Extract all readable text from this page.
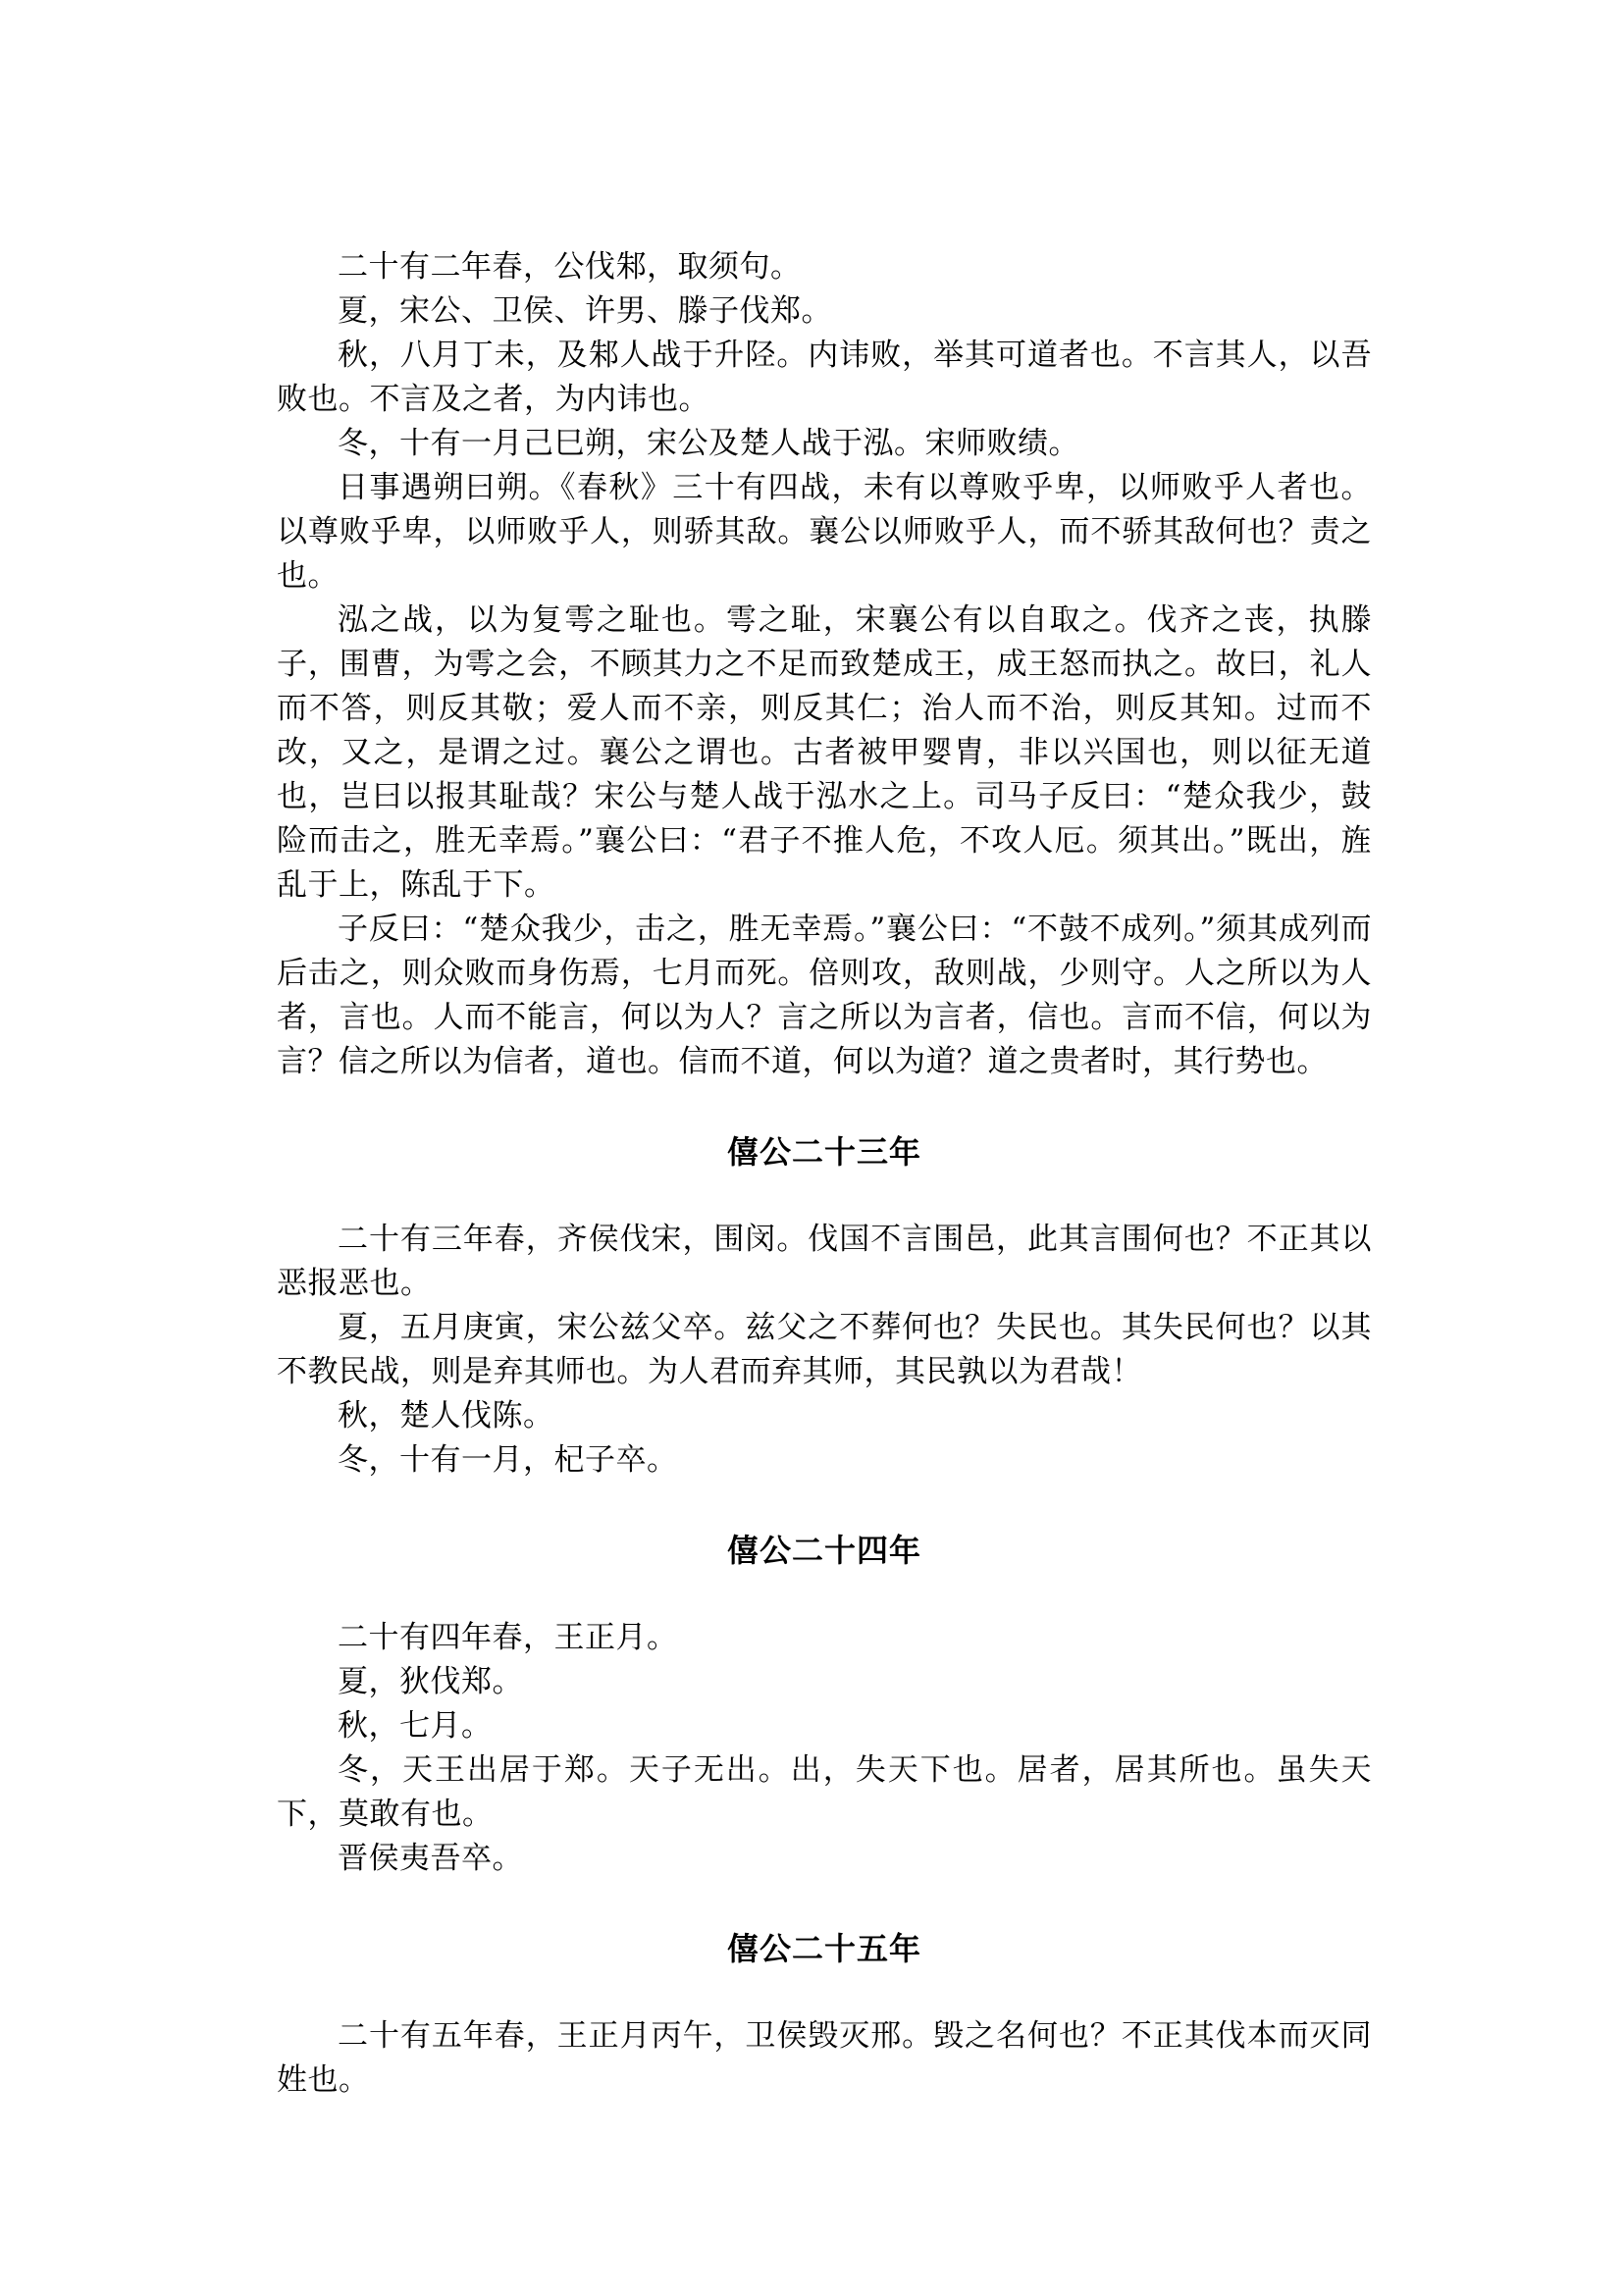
二十有二年春，公伐邾，取须句。

夏，宋公、卫侯、许男、滕子伐郑。

秋，八月丁未，及邾人战于升陉。内讳败，举其可道者也。不言其人，以吾败也。不言及之者，为内讳也。

冬，十有一月己巳朔，宋公及楚人战于泓。宋师败绩。

日事遇朔曰朔。《春秋》三十有四战，未有以尊败乎卑，以师败乎人者也。以尊败乎卑，以师败乎人，则骄其敌。襄公以师败乎人，而不骄其敌何也？责之也。

泓之战，以为复雩之耻也。雩之耻，宋襄公有以自取之。伐齐之丧，执滕子，围曹，为雩之会，不顾其力之不足而致楚成王，成王怒而执之。故曰，礼人而不答，则反其敬；爱人而不亲，则反其仁；治人而不治，则反其知。过而不改，又之，是谓之过。襄公之谓也。古者被甲婴胄，非以兴国也，则以征无道也，岂曰以报其耻哉？宋公与楚人战于泓水之上。司马子反曰：“楚众我少，鼓险而击之，胜无幸焉。”襄公曰：“君子不推人危，不攻人厄。须其出。”既出，旌乱于上，陈乱于下。

子反曰：“楚众我少，击之，胜无幸焉。”襄公曰：“不鼓不成列。”须其成列而后击之，则众败而身伤焉，七月而死。倍则攻，敌则战，少则守。人之所以为人者，言也。人而不能言，何以为人？言之所以为言者，信也。言而不信，何以为言？信之所以为信者，道也。信而不道，何以为道？道之贵者时，其行势也。

僖公二十三年

二十有三年春，齐侯伐宋，围闵。伐国不言围邑，此其言围何也？不正其以恶报恶也。

夏，五月庚寅，宋公兹父卒。兹父之不葬何也？失民也。其失民何也？以其不教民战，则是弃其师也。为人君而弃其师，其民孰以为君哉！

秋，楚人伐陈。

冬，十有一月，杞子卒。

僖公二十四年

二十有四年春，王正月。

夏，狄伐郑。

秋，七月。

冬，天王出居于郑。天子无出。出，失天下也。居者，居其所也。虽失天下，莫敢有也。

晋侯夷吾卒。

僖公二十五年

二十有五年春，王正月丙午，卫侯毁灭邢。毁之名何也？不正其伐本而灭同姓也。
